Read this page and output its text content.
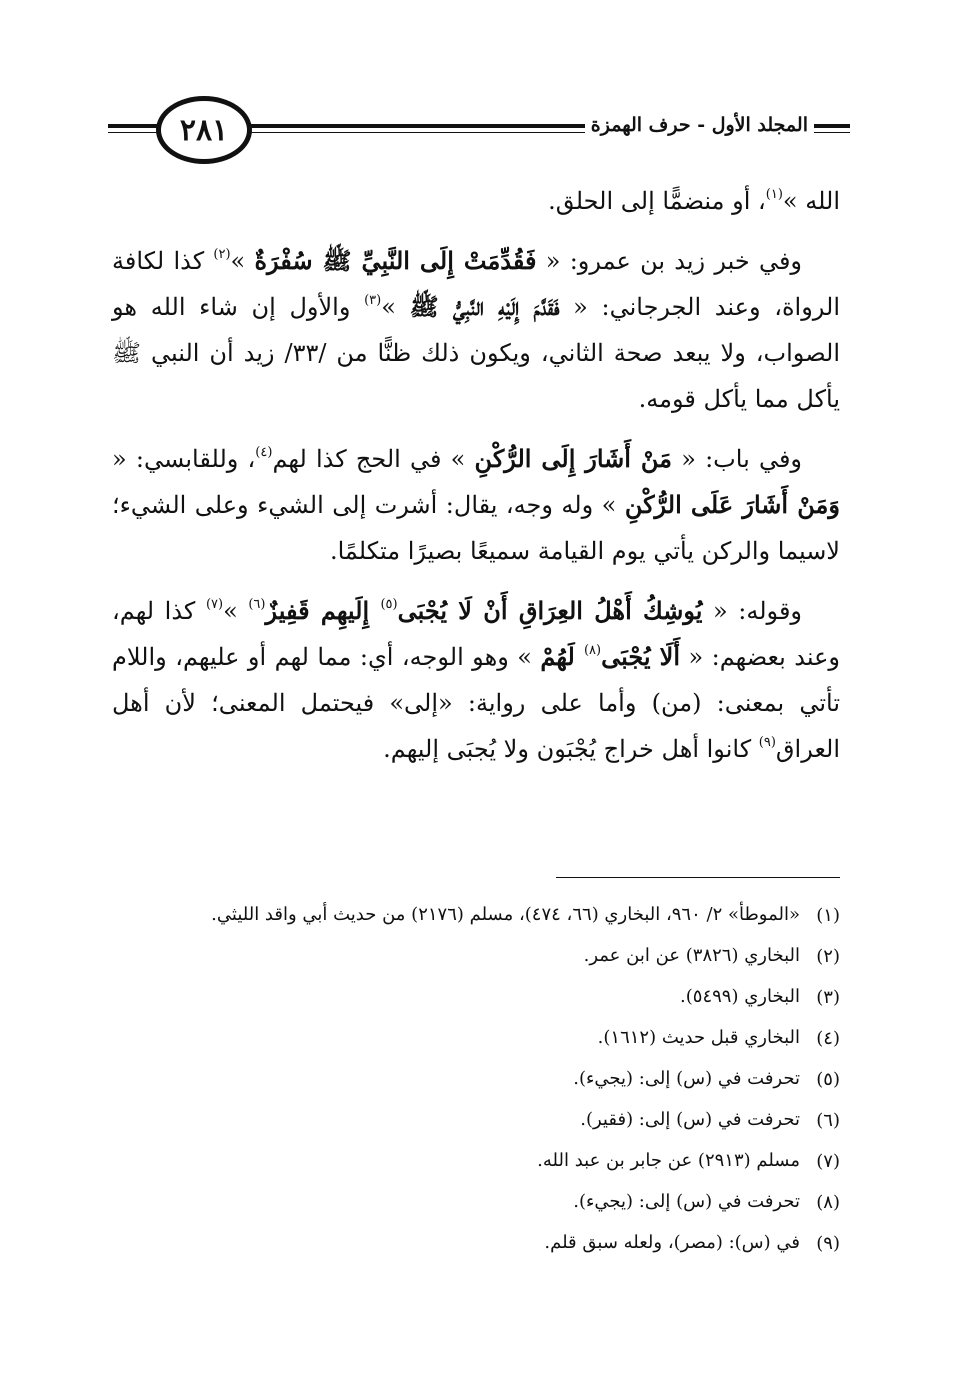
٢٨١	المجلد الأول - حرف الهمزة

الله »$^{(١)}$، أو منضمًّا إلى الحلق.

وفي خبر زيد بن عمرو: « فَقُدِّمَتْ إِلَى النَّبِيِّ ﷺ سُفْرَةٌ »$^{(٢)}$ كذا لكافة الرواة، وعند الجرجاني: « فَقَدَّمَ إِلَيْهِ النَّبِيُّ ﷺ »$^{(٣)}$ والأول إن شاء الله هو الصواب، ولا يبعد صحة الثاني، ويكون ذلك ظنًّا من /٣٣/ زيد أن النبي ﷺ يأكل مما يأكل قومه.

وفي باب: « مَنْ أَشَارَ إِلَى الرُّكْنِ » في الحج كذا لهم$^{(٤)}$، وللقابسي: « وَمَنْ أَشَارَ عَلَى الرُّكْنِ » وله وجه، يقال: أشرت إلى الشيء وعلى الشيء؛ لاسيما والركن يأتي يوم القيامة سميعًا بصيرًا متكلمًا.

وقوله: « يُوشِكُ أَهْلُ العِرَاقِ أَنْ لَا يُجْبَى$^{(٥)}$ إِلَيهِم قَفِيزٌ$^{(٦)}$ »$^{(٧)}$ كذا لهم، وعند بعضهم: « أَلَا يُجْبَى$^{(٨)}$ لَهُمْ » وهو الوجه، أي: مما لهم أو عليهم، واللام تأتي بمعنى: (من) وأما على رواية: «إلى» فيحتمل المعنى؛ لأن أهل العراق$^{(٩)}$ كانوا أهل خراج يُجْبَون ولا يُجبَى إليهم.

(١)
«الموطأ» ٢/ ٩٦٠، البخاري (٦٦، ٤٧٤)، مسلم (٢١٧٦) من حديث أبي واقد الليثي.
(٢)
البخاري (٣٨٢٦) عن ابن عمر.
(٣)
البخاري (٥٤٩٩).
(٤)
البخاري قبل حديث (١٦١٢).
(٥)
تحرفت في (س) إلى: (يجيء).
(٦)
تحرفت في (س) إلى: (فقير).
(٧)
مسلم (٢٩١٣) عن جابر بن عبد الله.
(٨)
تحرفت في (س) إلى: (يجيء).
(٩)
في (س): (مصر)، ولعله سبق قلم.
